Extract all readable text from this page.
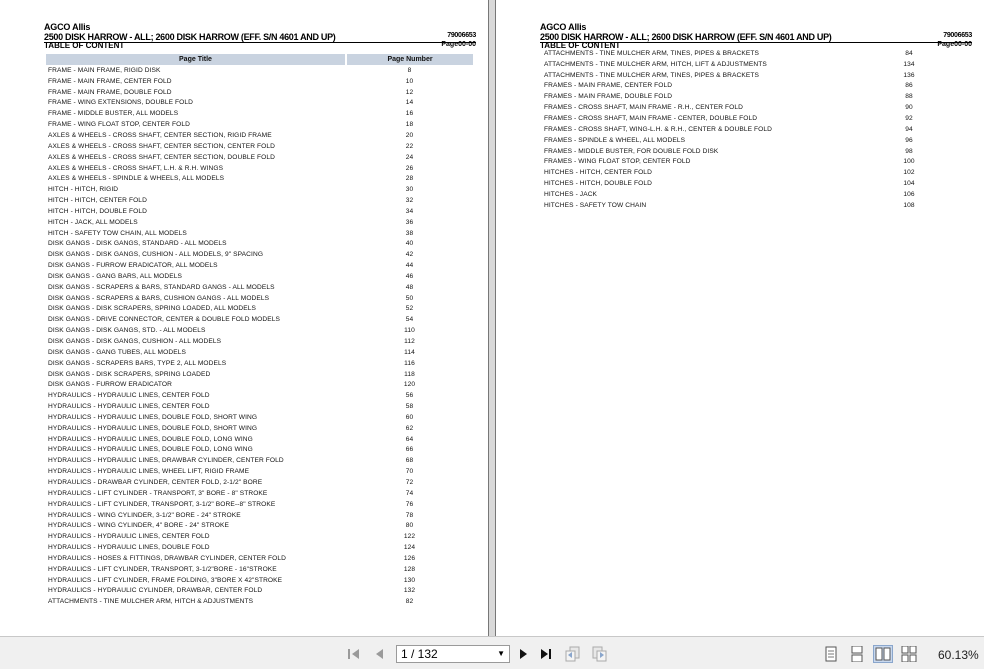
AGCO Allis
2500 DISK HARROW - ALL; 2600 DISK HARROW (EFF. S/N 4601 AND UP)	79006653
TABLE OF CONTENT	Page00-00
Page Title	Page Number
FRAME - MAIN FRAME, RIGID DISK	8
FRAME - MAIN FRAME, CENTER FOLD	10
FRAME - MAIN FRAME, DOUBLE FOLD	12
FRAME - WING EXTENSIONS, DOUBLE FOLD	14
FRAME - MIDDLE BUSTER, ALL MODELS	16
FRAME - WING FLOAT STOP, CENTER FOLD	18
AXLES & WHEELS - CROSS SHAFT, CENTER SECTION, RIGID FRAME	20
AXLES & WHEELS - CROSS SHAFT, CENTER SECTION, CENTER FOLD	22
AXLES & WHEELS - CROSS SHAFT, CENTER SECTION, DOUBLE FOLD	24
AXLES & WHEELS - CROSS SHAFT, L.H. & R.H. WINGS	26
AXLES & WHEELS - SPINDLE & WHEELS, ALL MODELS	28
HITCH - HITCH, RIGID	30
HITCH - HITCH, CENTER FOLD	32
HITCH - HITCH, DOUBLE FOLD	34
HITCH - JACK, ALL MODELS	36
HITCH - SAFETY TOW CHAIN, ALL MODELS	38
DISK GANGS - DISK GANGS, STANDARD - ALL MODELS	40
DISK GANGS - DISK GANGS, CUSHION - ALL MODELS, 9" SPACING	42
DISK GANGS - FURROW ERADICATOR, ALL MODELS	44
DISK GANGS - GANG BARS, ALL MODELS	46
DISK GANGS - SCRAPERS & BARS, STANDARD GANGS - ALL MODELS	48
DISK GANGS - SCRAPERS & BARS, CUSHION GANGS - ALL MODELS	50
DISK GANGS - DISK SCRAPERS, SPRING LOADED, ALL MODELS	52
DISK GANGS - DRIVE CONNECTOR, CENTER & DOUBLE FOLD MODELS	54
DISK GANGS - DISK GANGS, STD. - ALL MODELS	110
DISK GANGS - DISK GANGS, CUSHION - ALL MODELS	112
DISK GANGS - GANG TUBES, ALL MODELS	114
DISK GANGS - SCRAPERS BARS, TYPE 2, ALL MODELS	116
DISK GANGS - DISK SCRAPERS, SPRING LOADED	118
DISK GANGS - FURROW ERADICATOR	120
HYDRAULICS - HYDRAULIC LINES, CENTER FOLD	56
HYDRAULICS - HYDRAULIC LINES, CENTER FOLD	58
HYDRAULICS - HYDRAULIC LINES, DOUBLE FOLD, SHORT WING	60
HYDRAULICS - HYDRAULIC LINES, DOUBLE FOLD, SHORT WING	62
HYDRAULICS - HYDRAULIC LINES, DOUBLE FOLD, LONG WING	64
HYDRAULICS - HYDRAULIC LINES, DOUBLE FOLD, LONG WING	66
HYDRAULICS - HYDRAULIC LINES, DRAWBAR CYLINDER, CENTER FOLD	68
HYDRAULICS - HYDRAULIC LINES, WHEEL LIFT, RIGID FRAME	70
HYDRAULICS - DRAWBAR CYLINDER, CENTER FOLD, 2-1/2" BORE	72
HYDRAULICS - LIFT CYLINDER - TRANSPORT, 3" BORE - 8" STROKE	74
HYDRAULICS - LIFT CYLINDER, TRANSPORT, 3-1/2" BORE--8" STROKE	76
HYDRAULICS - WING CYLINDER, 3-1/2" BORE - 24" STROKE	78
HYDRAULICS - WING CYLINDER, 4" BORE - 24" STROKE	80
HYDRAULICS - HYDRAULIC LINES, CENTER FOLD	122
HYDRAULICS - HYDRAULIC LINES, DOUBLE FOLD	124
HYDRAULICS - HOSES & FITTINGS, DRAWBAR CYLINDER, CENTER FOLD	126
HYDRAULICS - LIFT CYLINDER, TRANSPORT, 3-1/2"BORE - 16"STROKE	128
HYDRAULICS - LIFT CYLINDER, FRAME FOLDING, 3"BORE X 42"STROKE	130
HYDRAULICS - HYDRAULIC CYLINDER, DRAWBAR, CENTER FOLD	132
ATTACHMENTS - TINE MULCHER ARM, HITCH & ADJUSTMENTS	82
AGCO Allis
2500 DISK HARROW - ALL; 2600 DISK HARROW (EFF. S/N 4601 AND UP)	79006653
TABLE OF CONTENT	Page00-00
ATTACHMENTS - TINE MULCHER ARM, TINES, PIPES & BRACKETS	84
ATTACHMENTS - TINE MULCHER ARM, HITCH, LIFT & ADJUSTMENTS	134
ATTACHMENTS - TINE MULCHER ARM, TINES, PIPES & BRACKETS	136
FRAMES - MAIN FRAME, CENTER FOLD	86
FRAMES - MAIN FRAME, DOUBLE FOLD	88
FRAMES - CROSS SHAFT, MAIN FRAME - R.H., CENTER FOLD	90
FRAMES - CROSS SHAFT, MAIN FRAME - CENTER, DOUBLE FOLD	92
FRAMES - CROSS SHAFT, WING-L.H. & R.H., CENTER & DOUBLE FOLD	94
FRAMES - SPINDLE & WHEEL, ALL MODELS	96
FRAMES - MIDDLE BUSTER, FOR DOUBLE FOLD DISK	98
FRAMES - WING FLOAT STOP, CENTER FOLD	100
HITCHES - HITCH, CENTER FOLD	102
HITCHES - HITCH, DOUBLE FOLD	104
HITCHES - JACK	106
HITCHES - SAFETY TOW CHAIN	108
1 / 132	▼	60.13%
